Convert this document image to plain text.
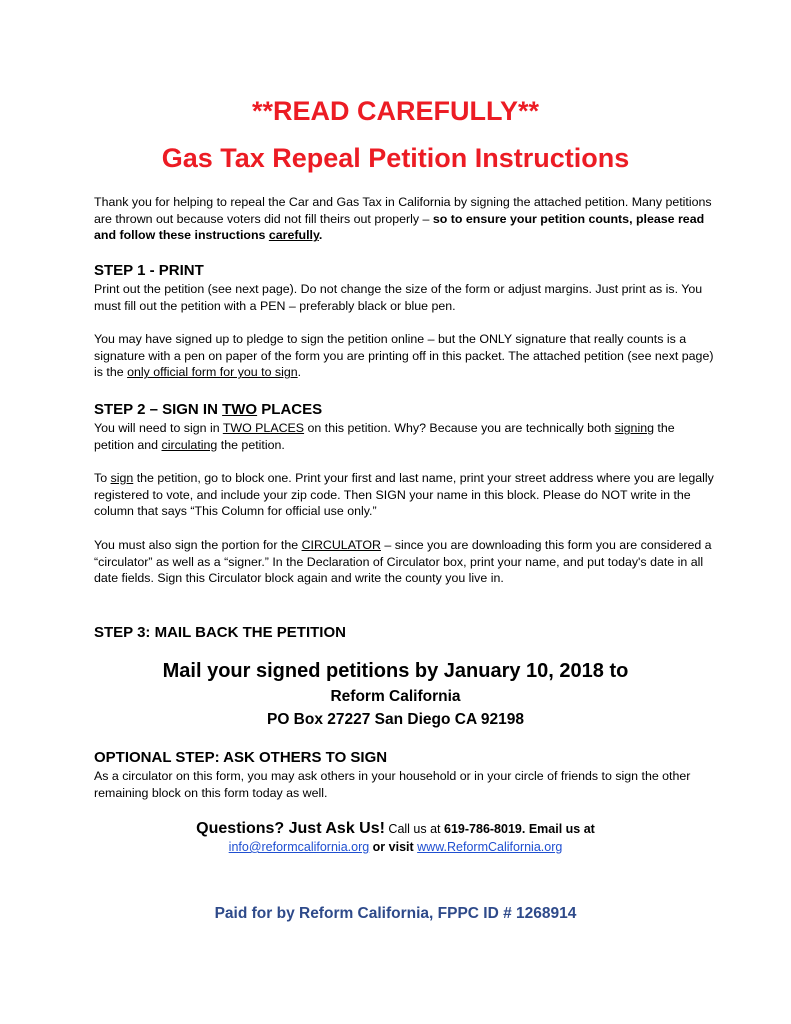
**READ CAREFULLY**
Gas Tax Repeal Petition Instructions

Thank you for helping to repeal the Car and Gas Tax in California by signing the attached petition. Many petitions are thrown out because voters did not fill theirs out properly – so to ensure your petition counts, please read and follow these instructions carefully.

STEP 1 - PRINT

Print out the petition (see next page). Do not change the size of the form or adjust margins. Just print as is. You must fill out the petition with a PEN – preferably black or blue pen.

You may have signed up to pledge to sign the petition online – but the ONLY signature that really counts is a signature with a pen on paper of the form you are printing off in this packet. The attached petition (see next page) is the only official form for you to sign.

STEP 2 – SIGN IN TWO PLACES

You will need to sign in TWO PLACES on this petition. Why? Because you are technically both signing the petition and circulating the petition.

To sign the petition, go to block one. Print your first and last name, print your street address where you are legally registered to vote, and include your zip code. Then SIGN your name in this block. Please do NOT write in the column that says “This Column for official use only.”

You must also sign the portion for the CIRCULATOR – since you are downloading this form you are considered a “circulator” as well as a “signer.” In the Declaration of Circulator box, print your name, and put today's date in all date fields. Sign this Circulator block again and write the county you live in.

STEP 3: MAIL BACK THE PETITION
Mail your signed petitions by January 10, 2018 to
Reform California
PO Box 27227 San Diego CA 92198
OPTIONAL STEP: ASK OTHERS TO SIGN

As a circulator on this form, you may ask others in your household or in your circle of friends to sign the other remaining block on this form today as well.

Questions? Just Ask Us! Call us at 619-786-8019. Email us at
info@reformcalifornia.org or visit www.ReformCalifornia.org
Paid for by Reform California, FPPC ID # 1268914
